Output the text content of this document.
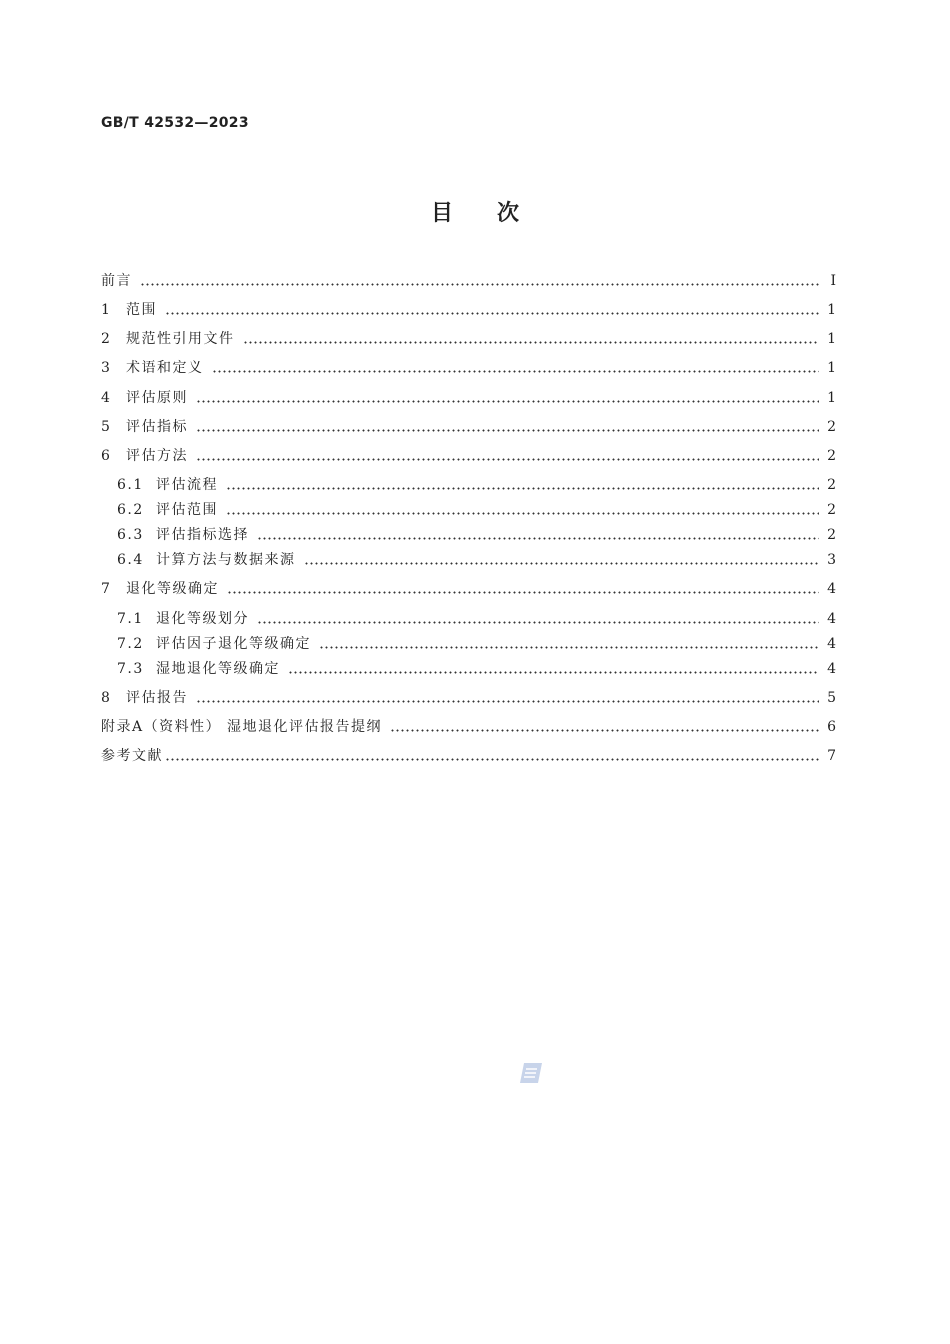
GB/T 42532—2023
目次
前言	Ⅰ
1	范围	1
2	规范性引用文件	1
3	术语和定义	1
4	评估原则	1
5	评估指标	2
6	评估方法	2
6.1 评估流程	2
6.2 评估范围	2
6.3 评估指标选择	2
6.4 计算方法与数据来源	3
7	退化等级确定	4
7.1 退化等级划分	4
7.2 评估因子退化等级确定	4
7.3 湿地退化等级确定	4
8	评估报告	5
附录A（资料性） 湿地退化评估报告提纲	6
参考文献	7
